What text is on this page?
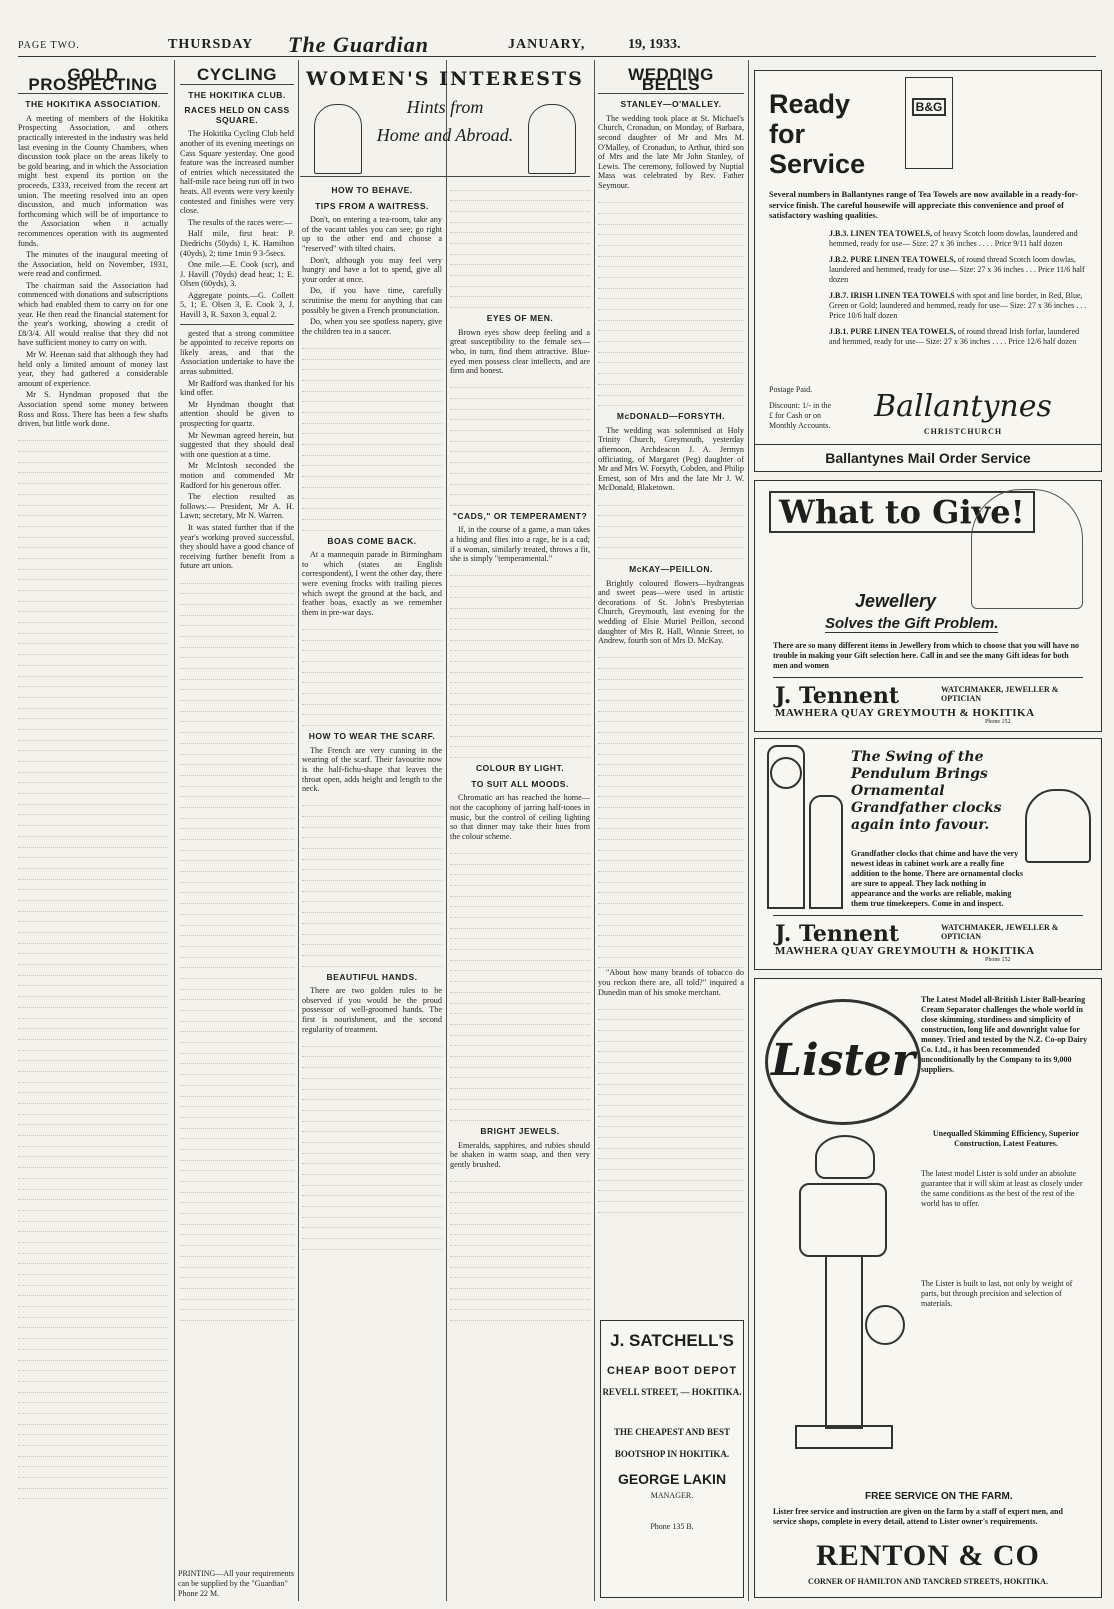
PAGE TWO.	THURSDAY	The Guardian	JANUARY,	19, 1933.
GOLD PROSPECTING
THE HOKITIKA ASSOCIATION.

A meeting of members of the Hokitika Prospecting Association, and others practically interested in the industry was held last evening in the County Chambers, when discussion took place on the areas likely to be gold bearing, and in which the Association might best expend its portion on the proceeds, £333, received from the recent art union. The meeting resolved into an open discussion, and much information was forthcoming which will be of importance to the Association when it actually recommences operation with its augmented funds.

The minutes of the inaugural meeting of the Association, held on November, 1931, were read and confirmed.

The chairman said the Association had commenced with donations and subscriptions which had enabled them to carry on for one year. He then read the financial statement for the year's working, showing a credit of £8/3/4. All would realise that they did not have sufficient money to carry on with.

Mr W. Heenan said that although they had held only a limited amount of money last year, they had gathered a considerable amount of experience.

Mr S. Hyndman proposed that the Association spend some money between Ross and Ross. There has been a few shafts driven, but little work done.

CYCLING
THE HOKITIKA CLUB.
RACES HELD ON CASS SQUARE.

The Hokitika Cycling Club held another of its evening meetings on Cass Square yesterday. One good feature was the increased number of entries which necessitated the half-mile race being run off in two heats. All events were very keenly contested and finishes were very close.

The results of the races were:—

Half mile, first heat: P. Diedrichs (50yds) 1, K. Hamilton (40yds), 2; time 1min 9 3-5secs.

One mile.—E. Cook (scr), and J. Havill (70yds) dead heat; 1; E. Olsen (60yds), 3.

Aggregate points.—G. Collett 5, 1; E. Olsen 3, E. Cook 3, J. Havill 3, R. Saxon 3, equal 2.

gested that a strong committee be appointed to receive reports on likely areas, and that the Association undertake to have the areas submitted.

Mr Radford was thanked for his kind offer.

Mr Hyndman thought that attention should be given to prospecting for quartz.

Mr Newman agreed herein, but suggested that they should deal with one question at a time.

Mr McIntosh seconded the motion and commended Mr Radford for his generous offer.

The election resulted as follows:— President, Mr A. H. Lawn; secretary, Mr N. Warren.

It was stated further that if the year's working proved successful, they should have a good chance of receiving further benefit from a future art union.

PRINTING—All your requirements can be supplied by the "Guardian" Phone 22 M.
WOMEN'S INTERESTS
Hints from
Home and Abroad.
HOW TO BEHAVE.
TIPS FROM A WAITRESS.

Don't, on entering a tea-room, take any of the vacant tables you can see; go right up to the other end and choose a "reserved" with tilted chairs.

Don't, although you may feel very hungry and have a lot to spend, give all your order at once.

Do, if you have time, carefully scrutinise the menu for anything that can possibly be given a French pronunciation.

Do, when you see spotless napery, give the children tea in a saucer.

BOAS COME BACK.

At a mannequin parade in Birmingham to which (states an English correspondent), I went the other day, there were evening frocks with trailing pieces which swept the ground at the back, and feather boas, exactly as we remember them in pre-war days.

HOW TO WEAR THE SCARF.

The French are very cunning in the wearing of the scarf. Their favourite now is the half-fichu-shape that leaves the throat open, adds height and length to the neck.

BEAUTIFUL HANDS.

There are two golden rules to be observed if you would be the proud possessor of well-groomed hands. The first is nourishment, and the second regularity of treatment.

EYES OF MEN.

Brown eyes show deep feeling and a great susceptibility to the female sex—who, in turn, find them attractive. Blue-eyed men possess clear intellects, and are firm and honest.

"CADS," OR TEMPERAMENT?

If, in the course of a game, a man takes a hiding and flies into a rage, he is a cad; if a woman, similarly treated, throws a fit, she is simply "temperamental."

COLOUR BY LIGHT.
TO SUIT ALL MOODS.

Chromatic art has reached the home—not the cacophony of jarring half-tones in music, but the control of ceiling lighting so that dinner may take their hues from the colour scheme.

BRIGHT JEWELS.

Emeralds, sapphires, and rubies should be shaken in warm soap, and then very gently brushed.

WEDDING BELLS
STANLEY—O'MALLEY.

The wedding took place at St. Michael's Church, Cronadun, on Monday, of Barbara, second daughter of Mr and Mrs M. O'Malley, of Cronadun, to Arthur, third son of Mrs and the late Mr John Stanley, of Lewis. The ceremony, followed by Nuptial Mass was celebrated by Rev. Father Seymour.

McDONALD—FORSYTH.

The wedding was solemnised at Holy Trinity Church, Greymouth, yesterday afternoon, Archdeacon J. A. Jermyn officiating, of Margaret (Peg) daughter of Mr and Mrs W. Forsyth, Cobden, and Philip Ernest, son of Mrs and the late Mr J. W. McDonald, Blaketown.

McKAY—PEILLON.

Brightly coloured flowers—hydrangeas and sweet peas—were used in artistic decorations of St. John's Presbyterian Church, Greymouth, last evening for the wedding of Elsie Muriel Peillon, second daughter of Mrs R. Hall, Winnie Street, to Andrew, fourth son of Mrs D. McKay.

"About how many brands of tobacco do you reckon there are, all told?" inquired a Dunedin man of his smoke merchant.

J. SATCHELL'S
CHEAP BOOT DEPOT
REVELL STREET, — HOKITIKA.
THE CHEAPEST AND BEST
BOOTSHOP IN HOKITIKA.
GEORGE LAKIN
MANAGER.
Phone 135 B.
Ready
for
Service
B&G

Several numbers in Ballantynes range of Tea Towels are now available in a ready-for-service finish. The careful housewife will appreciate this convenience and proof of satisfactory washing qualities.

J.B.3. LINEN TEA TOWELS, of heavy Scotch loom dowlas, laundered and hemmed, ready for use— Size: 27 x 36 inches . . . . Price 9/11 half dozen

J.B.2. PURE LINEN TEA TOWELS, of round thread Scotch loom dowlas, laundered and hemmed, ready for use— Size: 27 x 36 inches . . . Price 11/6 half dozen

J.B.7. IRISH LINEN TEA TOWELS with spot and line border, in Red, Blue, Green or Gold; laundered and hemmed, ready for use— Size: 27 x 36 inches . . . Price 10/6 half dozen

J.B.1. PURE LINEN TEA TOWELS, of round thread Irish forfar, laundered and hemmed, ready for use— Size: 27 x 36 inches . . . . Price 12/6 half dozen

Postage Paid.

Discount: 1/- in the £ for Cash or on Monthly Accounts.

Ballantynes
CHRISTCHURCH
Ballantynes Mail Order Service
What to Give!
Jewellery
Solves the Gift Problem.

There are so many different items in Jewellery from which to choose that you will have no trouble in making your Gift selection here. Call in and see the many Gift ideas for both men and women

J. Tennent	WATCHMAKER, JEWELLER & OPTICIAN
MAWHERA QUAY GREYMOUTH & HOKITIKA
Phone 152
The Swing of the Pendulum Brings Ornamental Grandfather clocks again into favour.

Grandfather clocks that chime and have the very newest ideas in cabinet work are a really fine addition to the home. There are ornamental clocks are sure to appeal. They lack nothing in appearance and the works are reliable, making them true timekeepers. Come in and inspect.

J. Tennent	WATCHMAKER, JEWELLER & OPTICIAN
MAWHERA QUAY GREYMOUTH & HOKITIKA
Phone 152
Lister

The Latest Model all-British Lister Ball-bearing Cream Separator challenges the whole world in close skimming, sturdiness and simplicity of construction, long life and downright value for money. Tried and tested by the N.Z. Co-op Dairy Co. Ltd., it has been recommended unconditionally by the Company to its 9,000 suppliers.

Unequalled Skimming Efficiency, Superior Construction, Latest Features.

The latest model Lister is sold under an absolute guarantee that it will skim at least as closely under the same conditions as the best of the rest of the world has to offer.

The Lister is built to last, not only by weight of parts, but through precision and selection of materials.

FREE SERVICE ON THE FARM.

Lister free service and instruction are given on the farm by a staff of expert men, and service shops, complete in every detail, attend to Lister owner's requirements.

RENTON & CO
CORNER OF HAMILTON AND TANCRED STREETS, HOKITIKA.
